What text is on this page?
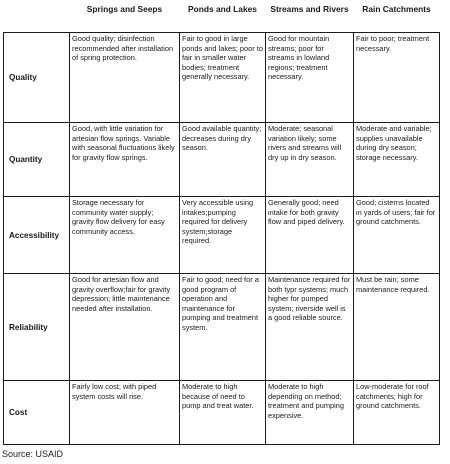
	Springs and Seeps	Ponds and Lakes	Streams and Rivers	Rain Catchments
Quality	Good quality; disinfection recommended after installation of spring protection.	Fair to good in large ponds and lakes; poor to fair in smaller water bodies; treatment generally necessary.	Good for mountain streams; poor for streams in lowland regions; treatment necessary.	Fair to poor; treatment necessary.
Quantity	Good, with little variation for artesian flow springs. Variable with seasonal fluctuations likely for gravity flow springs.	Good available quantity; decreases during dry season.	Moderate; seasonal variation likely; some rivers and streams will dry up in dry season.	Moderate and variable; supplies unavailable during dry season; storage necessary.
Accessibility	Storage necessary for community water supply; gravity flow delivery for easy community access.	Very accessible using intakes;pumping required for delivery system;storage required.	Generally good; need intake for both gravity flow and piped delivery.	Good; cisterns located in yards of users; fair for ground catchments.
Reliability	Good for artesian flow and gravity overflow;fair for gravity depression; little maintenance needed after installation.	Fair to good; need for a good program of operation and maintenance for pumping and treatment system.	Maintenance required for both typr systems; much higher for pumped system; riverside well is a good reliable source.	Must be rain; some maintenance required.
Cost	Fairly low cost; with piped system costs will rise.	Moderate to high because of need to pump and treat water.	Moderate to high depending on method; treatment and pumping expensive.	Low-moderate for roof catchments; high for ground catchments.
Source: USAID
